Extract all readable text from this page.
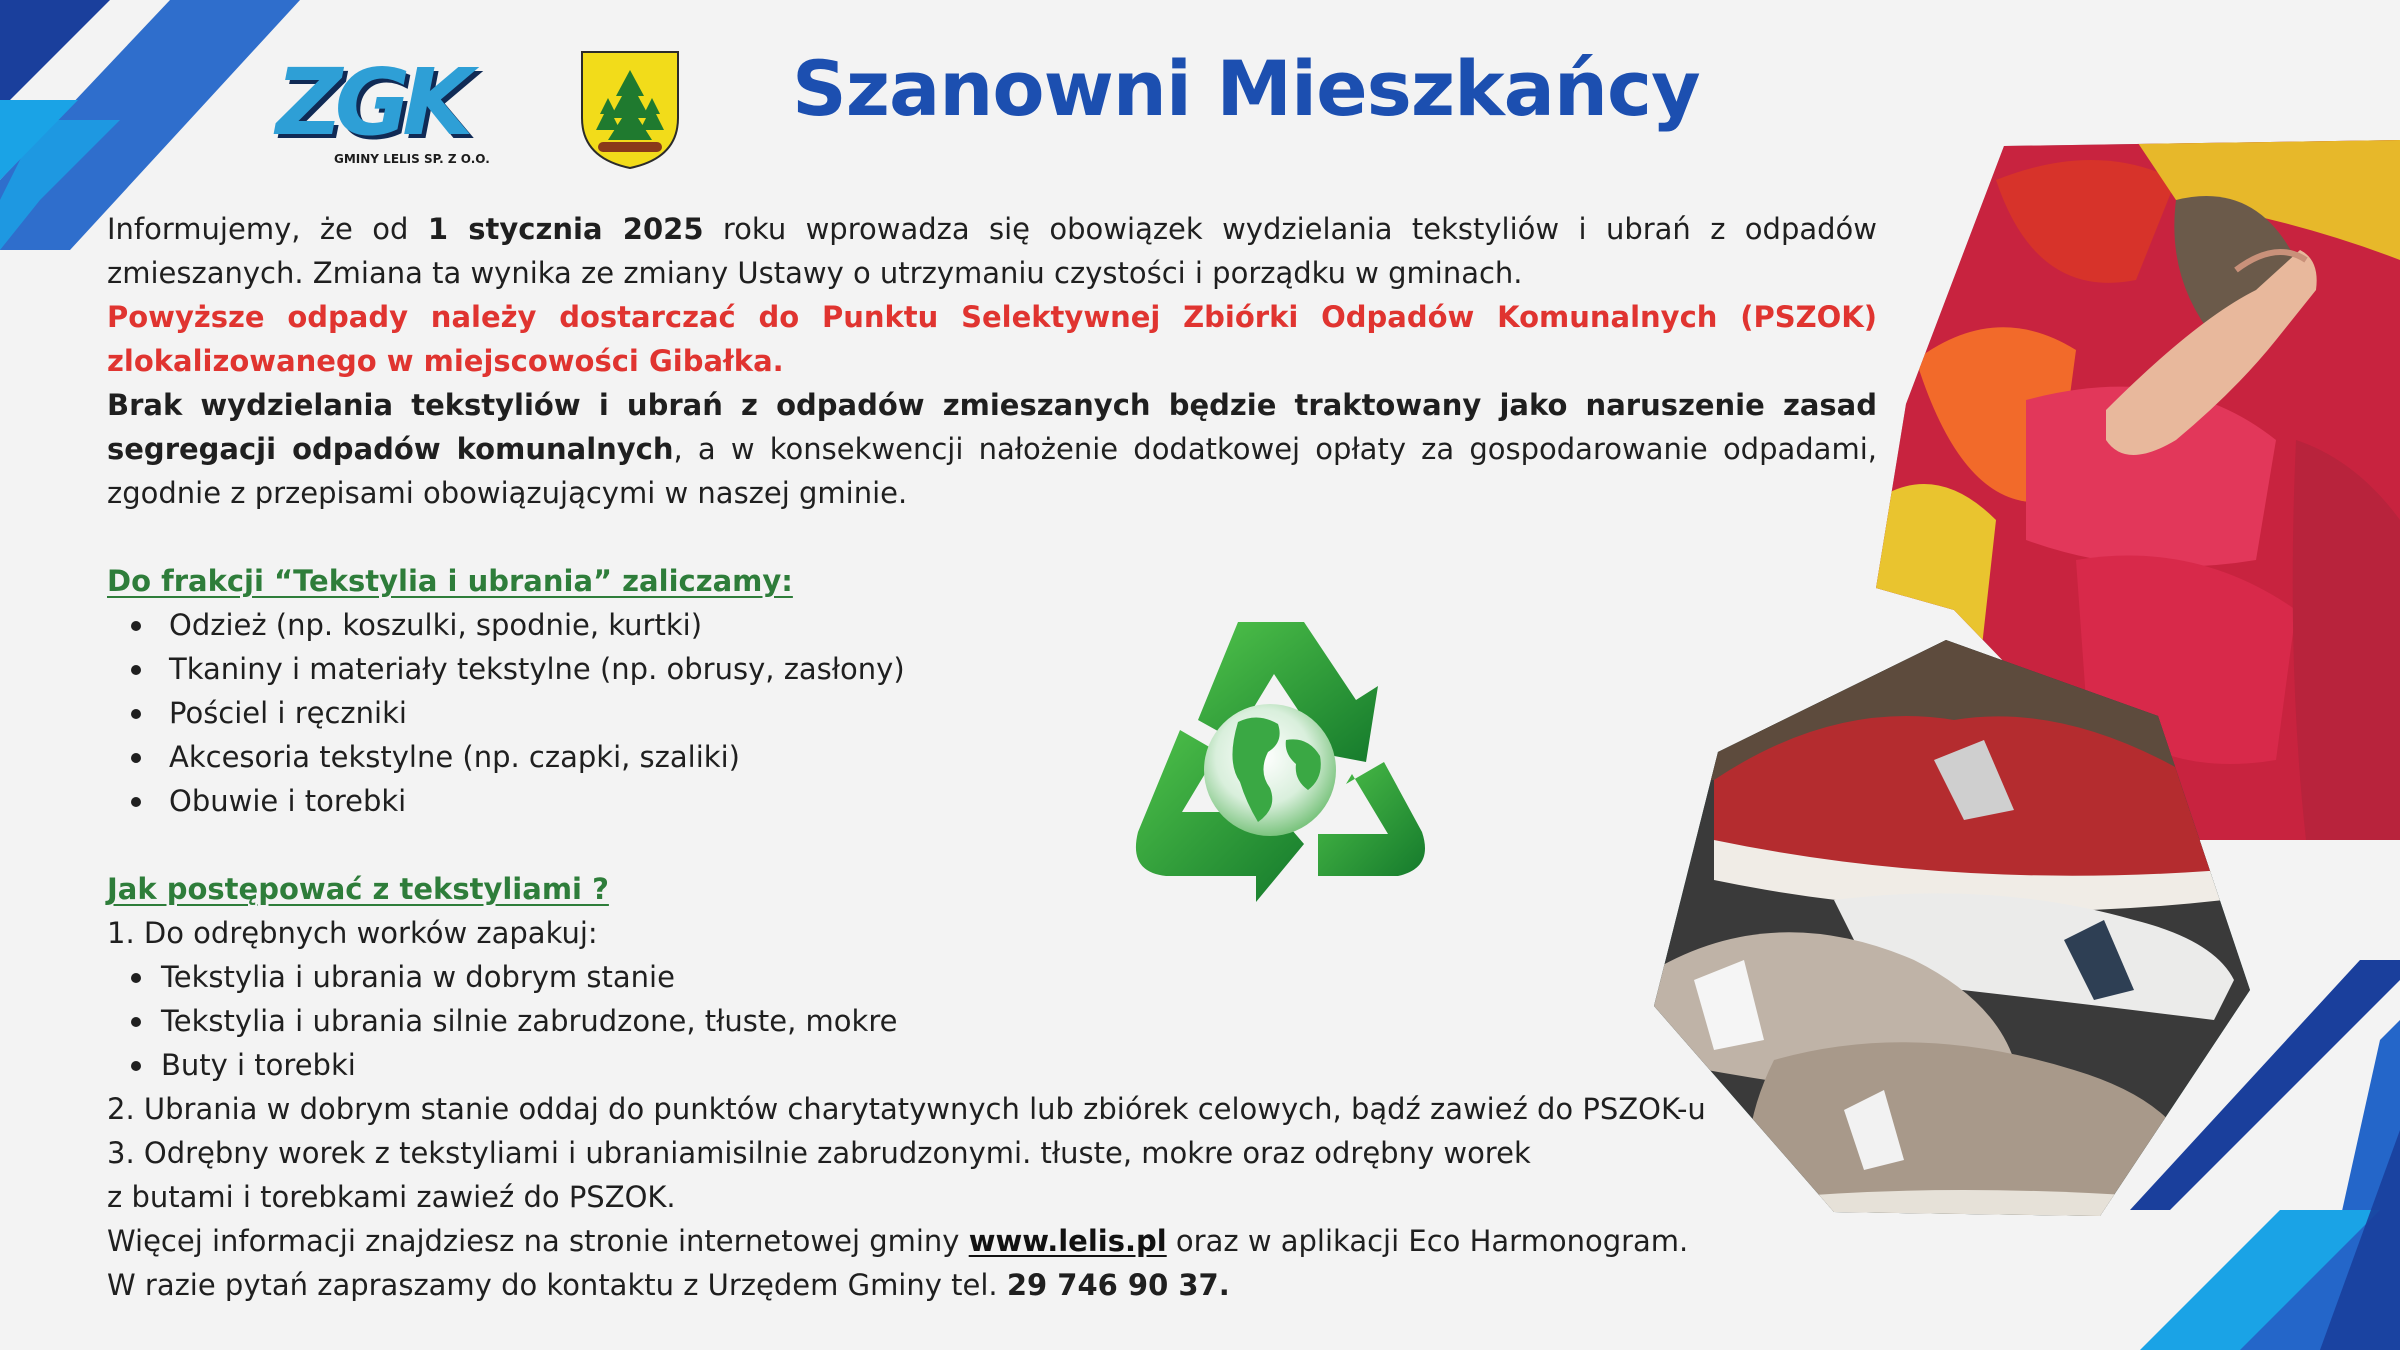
ZGK
GMINY LELIS SP. Z O.O.
Szanowni Mieszkańcy

Informujemy, że od 1 stycznia 2025 roku wprowadza się obowiązek wydzielania tekstyliów i ubrań z odpadów zmieszanych. Zmiana ta wynika ze zmiany Ustawy o utrzymaniu czystości i porządku w gminach.

Powyższe odpady należy dostarczać do Punktu Selektywnej Zbiórki Odpadów Komunalnych (PSZOK) zlokalizowanego w miejscowości Gibałka.

Brak wydzielania tekstyliów i ubrań z odpadów zmieszanych będzie traktowany jako naruszenie zasad segregacji odpadów komunalnych, a w konsekwencji nałożenie dodatkowej opłaty za gospodarowanie odpadami, zgodnie z przepisami obowiązującymi w naszej gminie.

Do frakcji “Tekstylia i ubrania” zaliczamy:

Odzież (np. koszulki, spodnie, kurtki)
Tkaniny i materiały tekstylne (np. obrusy, zasłony)
Pościel i ręczniki
Akcesoria tekstylne (np. czapki, szaliki)
Obuwie i torebki

Jak postępować z tekstyliami ?

1. Do odrębnych worków zapakuj:

Tekstylia i ubrania w dobrym stanie
Tekstylia i ubrania silnie zabrudzone, tłuste, mokre
Buty i torebki

2. Ubrania w dobrym stanie oddaj do punktów charytatywnych lub zbiórek celowych, bądź zawieź do PSZOK-u

3. Odrębny worek z tekstyliami i ubraniamisilnie zabrudzonymi. tłuste, mokre oraz odrębny worek

z butami i torebkami zawieź do PSZOK.

Więcej informacji znajdziesz na stronie internetowej gminy www.lelis.pl oraz w aplikacji Eco Harmonogram.

W razie pytań zapraszamy do kontaktu z Urzędem Gminy tel. 29 746 90 37.
